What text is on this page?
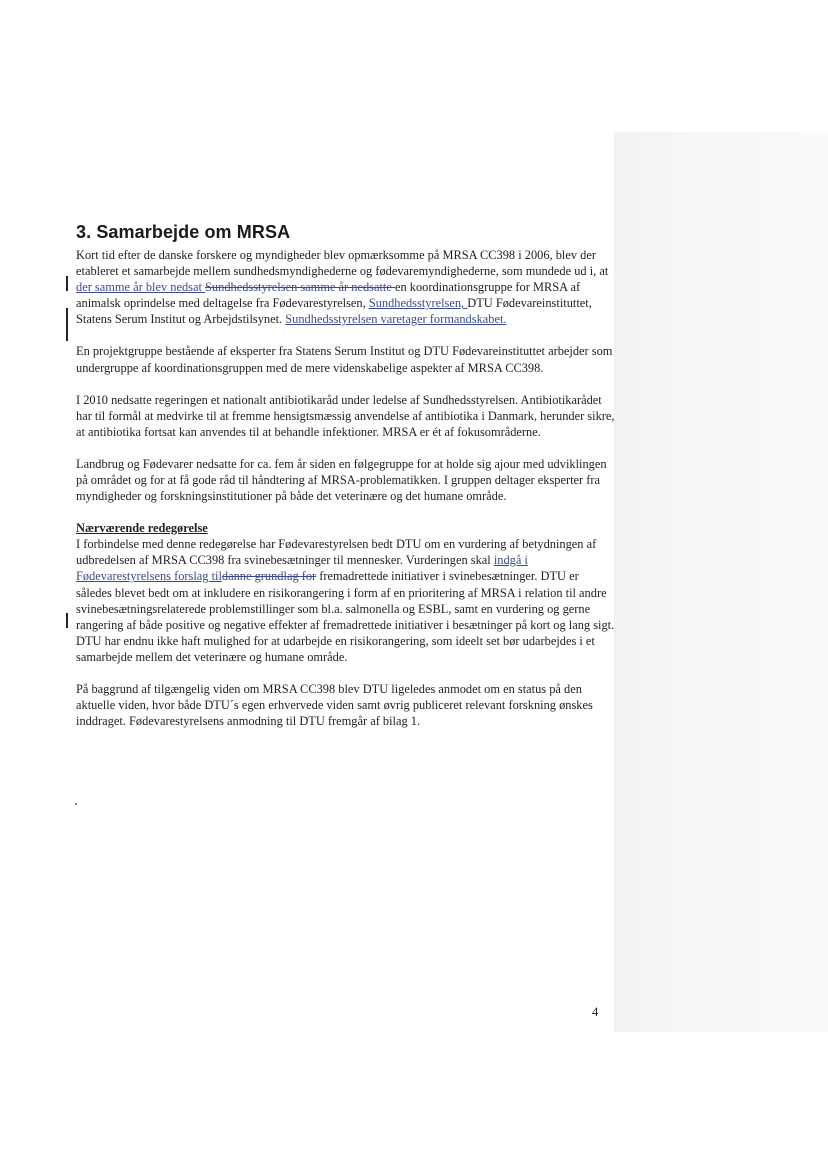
3. Samarbejde om MRSA

Kort tid efter de danske forskere og myndigheder blev opmærksomme på MRSA CC398 i 2006, blev der etableret et samarbejde mellem sundhedsmyndighederne og fødevaremyndighederne, som mundede ud i, at der samme år blev nedsat Sundhedsstyrelsen samme år nedsatte en koordinationsgruppe for MRSA af animalsk oprindelse med deltagelse fra Fødevarestyrelsen, Sundhedsstyrelsen, DTU Fødevareinstituttet, Statens Serum Institut og Arbejdstilsynet. Sundhedsstyrelsen varetager formandskabet.

En projektgruppe bestående af eksperter fra Statens Serum Institut og DTU Fødevareinstituttet arbejder som undergruppe af koordinationsgruppen med de mere videnskabelige aspekter af MRSA CC398.

I 2010 nedsatte regeringen et nationalt antibiotikaråd under ledelse af Sundhedsstyrelsen. Antibiotikarådet har til formål at medvirke til at fremme hensigtsmæssig anvendelse af antibiotika i Danmark, herunder sikre, at antibiotika fortsat kan anvendes til at behandle infektioner. MRSA er ét af fokusområderne.

Landbrug og Fødevarer nedsatte for ca. fem år siden en følgegruppe for at holde sig ajour med udviklingen på området og for at få gode råd til håndtering af MRSA-problematikken. I gruppen deltager eksperter fra myndigheder og forskningsinstitutioner på både det veterinære og det humane område.

Nærværende redegørelse

I forbindelse med denne redegørelse har Fødevarestyrelsen bedt DTU om en vurdering af betydningen af udbredelsen af MRSA CC398 fra svinebesætninger til mennesker. Vurderingen skal indgå i Fødevarestyrelsens forslag tildanne grundlag for fremadrettede initiativer i svinebesætninger. DTU er således blevet bedt om at inkludere en risikorangering i form af en prioritering af MRSA i relation til andre svinebesætningsrelaterede problemstillinger som bl.a. salmonella og ESBL, samt en vurdering og gerne rangering af både positive og negative effekter af fremadrettede initiativer i besætninger på kort og lang sigt. DTU har endnu ikke haft mulighed for at udarbejde en risikorangering, som ideelt set bør udarbejdes i et samarbejde mellem det veterinære og humane område.

På baggrund af tilgængelig viden om MRSA CC398 blev DTU ligeledes anmodet om en status på den aktuelle viden, hvor både DTU´s egen erhvervede viden samt øvrig publiceret relevant forskning ønskes inddraget. Fødevarestyrelsens anmodning til DTU fremgår af bilag 1.

4
